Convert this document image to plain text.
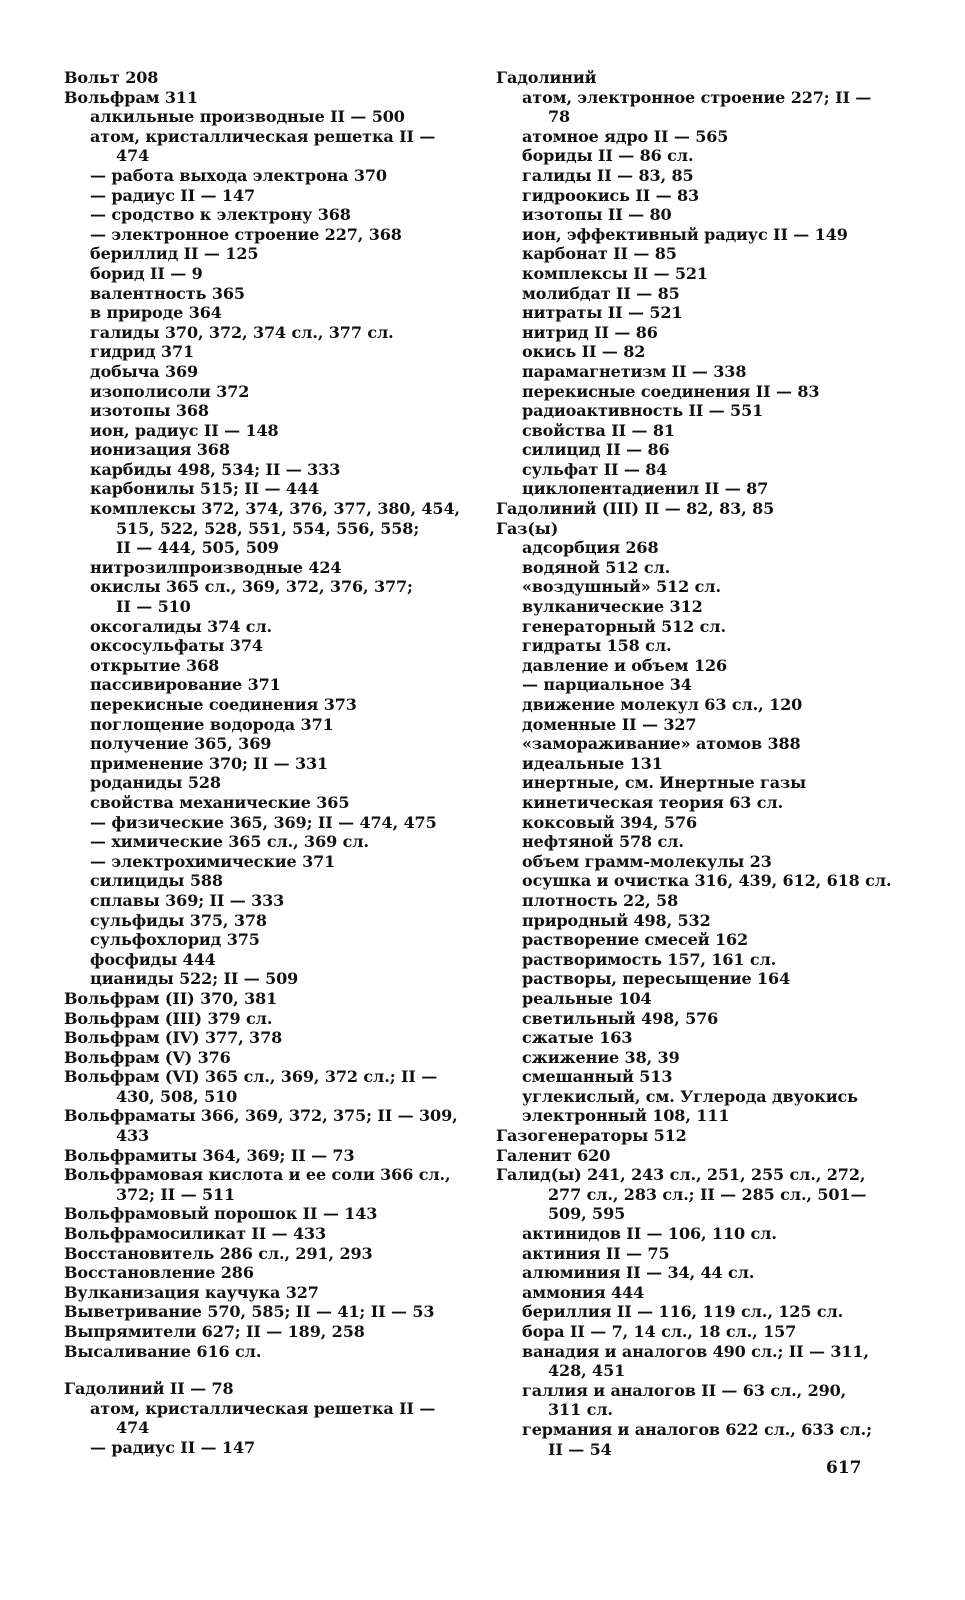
Вольт 208
Вольфрам 311
алкильные производные II — 500
атом, кристаллическая решетка II —
474
— работа выхода электрона 370
— радиус II — 147
— сродство к электрону 368
— электронное строение 227, 368
бериллид II — 125
борид II — 9
валентность 365
в природе 364
галиды 370, 372, 374 сл., 377 сл.
гидрид 371
добыча 369
изополисоли 372
изотопы 368
ион, радиус II — 148
ионизация 368
карбиды 498, 534; II — 333
карбонилы 515; II — 444
комплексы 372, 374, 376, 377, 380, 454,
515, 522, 528, 551, 554, 556, 558;
II — 444, 505, 509
нитрозилпроизводные 424
окислы 365 сл., 369, 372, 376, 377;
II — 510
оксогалиды 374 сл.
оксосульфаты 374
открытие 368
пассивирование 371
перекисные соединения 373
поглощение водорода 371
получение 365, 369
применение 370; II — 331
роданиды 528
свойства механические 365
— физические 365, 369; II — 474, 475
— химические 365 сл., 369 сл.
— электрохимические 371
силициды 588
сплавы 369; II — 333
сульфиды 375, 378
сульфохлорид 375
фосфиды 444
цианиды 522; II — 509
Вольфрам (II) 370, 381
Вольфрам (III) 379 сл.
Вольфрам (IV) 377, 378
Вольфрам (V) 376
Вольфрам (VI) 365 сл., 369, 372 сл.; II —
430, 508, 510
Вольфраматы 366, 369, 372, 375; II — 309,
433
Вольфрамиты 364, 369; II — 73
Вольфрамовая кислота и ее соли 366 сл.,
372; II — 511
Вольфрамовый порошок II — 143
Вольфрамосиликат II — 433
Восстановитель 286 сл., 291, 293
Восстановление 286
Вулканизация каучука 327
Выветривание 570, 585; II — 41; II — 53
Выпрямители 627; II — 189, 258
Высаливание 616 сл.
Гадолиний II — 78
атом, кристаллическая решетка II —
474
— радиус II — 147
Гадолиний
атом, электронное строение 227; II —
78
атомное ядро II — 565
бориды II — 86 сл.
галиды II — 83, 85
гидроокись II — 83
изотопы II — 80
ион, эффективный радиус II — 149
карбонат II — 85
комплексы II — 521
молибдат II — 85
нитраты II — 521
нитрид II — 86
окись II — 82
парамагнетизм II — 338
перекисные соединения II — 83
радиоактивность II — 551
свойства II — 81
силицид II — 86
сульфат II — 84
циклопентадиенил II — 87
Гадолиний (III) II — 82, 83, 85
Газ(ы)
адсорбция 268
водяной 512 сл.
«воздушный» 512 сл.
вулканические 312
генераторный 512 сл.
гидраты 158 сл.
давление и объем 126
— парциальное 34
движение молекул 63 сл., 120
доменные II — 327
«замораживание» атомов 388
идеальные 131
инертные, см. Инертные газы
кинетическая теория 63 сл.
коксовый 394, 576
нефтяной 578 сл.
объем грамм-молекулы 23
осушка и очистка 316, 439, 612, 618 сл.
плотность 22, 58
природный 498, 532
растворение смесей 162
растворимость 157, 161 сл.
растворы, пересыщение 164
реальные 104
светильный 498, 576
сжатые 163
сжижение 38, 39
смешанный 513
углекислый, см. Углерода двуокись
электронный 108, 111
Газогенераторы 512
Галенит 620
Галид(ы) 241, 243 сл., 251, 255 сл., 272,
277 сл., 283 сл.; II — 285 сл., 501—
509, 595
актинидов II — 106, 110 сл.
актиния II — 75
алюминия II — 34, 44 сл.
аммония 444
бериллия II — 116, 119 сл., 125 сл.
бора II — 7, 14 сл., 18 сл., 157
ванадия и аналогов 490 сл.; II — 311,
428, 451
галлия и аналогов II — 63 сл., 290,
311 сл.
германия и аналогов 622 сл., 633 сл.;
II — 54
617
